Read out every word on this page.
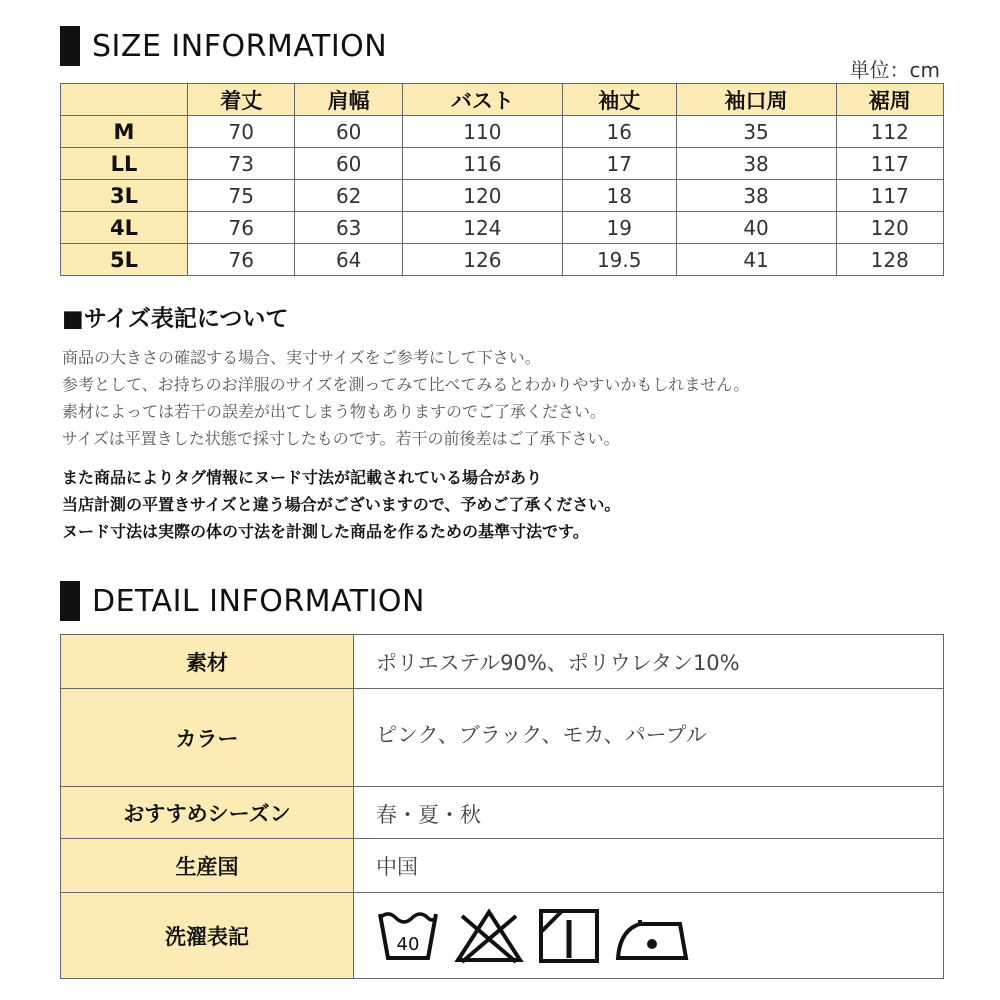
SIZE INFORMATION
単位：cm
	着丈	肩幅	バスト	袖丈	袖口周	裾周
M	70	60	110	16	35	112
LL	73	60	116	17	38	117
3L	75	62	120	18	38	117
4L	76	63	124	19	40	120
5L	76	64	126	19.5	41	128
■サイズ表記について
商品の大きさの確認する場合、実寸サイズをご参考にして下さい。
参考として、お持ちのお洋服のサイズを測ってみて比べてみるとわかりやすいかもしれません。
素材によっては若干の誤差が出てしまう物もありますのでご了承ください。
サイズは平置きした状態で採寸したものです。若干の前後差はご了承下さい。
また商品によりタグ情報にヌード寸法が記載されている場合があり
当店計測の平置きサイズと違う場合がございますので、予めご了承ください。
ヌード寸法は実際の体の寸法を計測した商品を作るための基準寸法です。
DETAIL INFORMATION
素材	ポリエステル90%、ポリウレタン10%
カラー	ピンク、ブラック、モカ、パープル
おすすめシーズン	春・夏・秋
生産国	中国
洗濯表記	40
